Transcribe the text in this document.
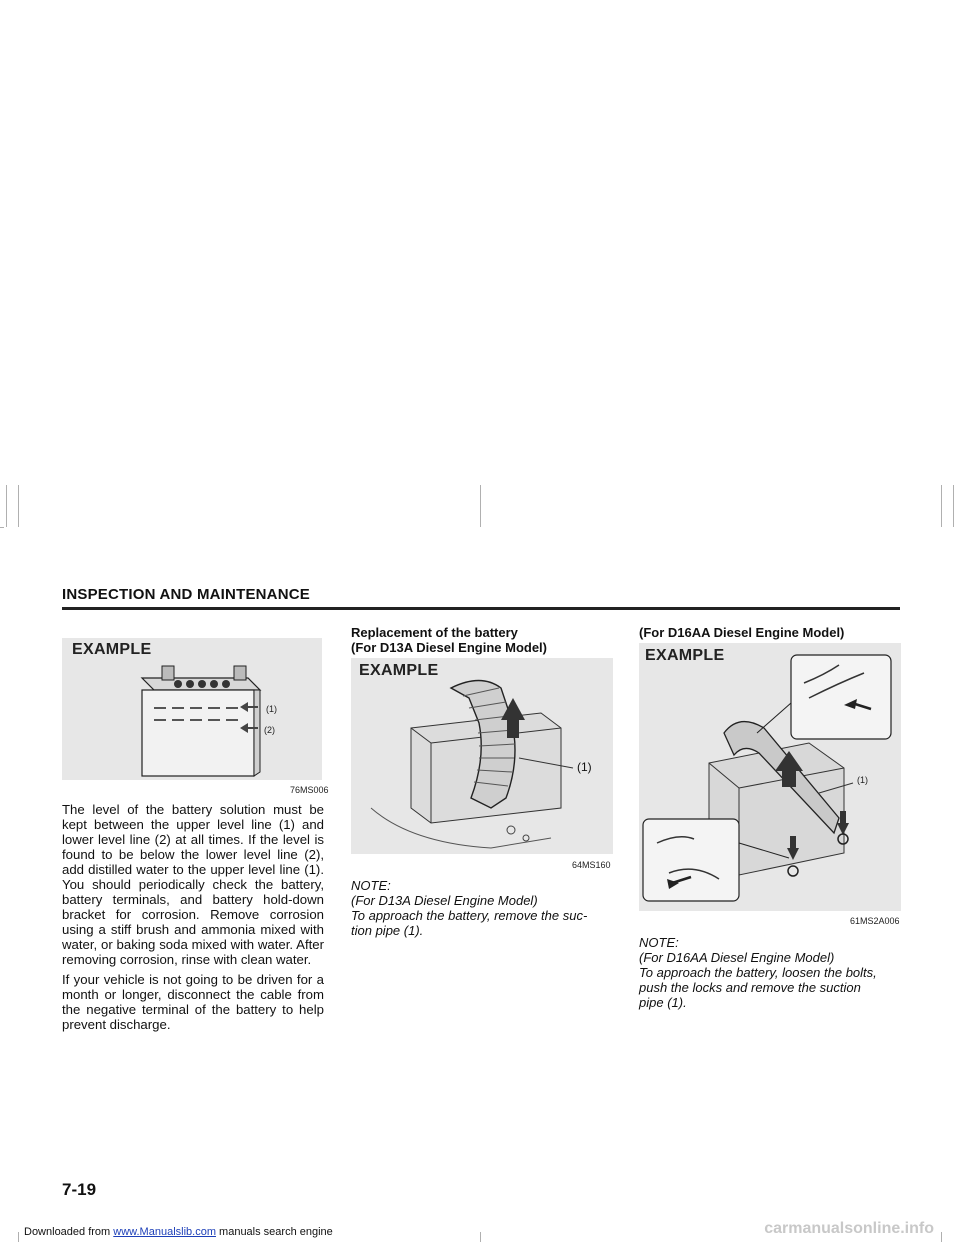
INSPECTION AND MAINTENANCE
EXAMPLE
(1)
(2)
76MS006

The level of the battery solution must be kept between the upper level line (1) and lower level line (2) at all times. If the level is found to be below the lower level line (2), add distilled water to the upper level line (1). You should periodically check the battery, battery terminals, and battery hold-down bracket for corrosion. Remove corrosion using a stiff brush and ammonia mixed with water, or baking soda mixed with water. After removing corrosion, rinse with clean water.

If your vehicle is not going to be driven for a month or longer, disconnect the cable from the negative terminal of the battery to help prevent discharge.

Replacement of the battery
(For D13A Diesel Engine Model)
EXAMPLE
(1)
64MS160
NOTE:
(For D13A Diesel Engine Model)
To approach the battery, remove the suc-
tion pipe (1).
(For D16AA Diesel Engine Model)
EXAMPLE
(1)
61MS2A006
NOTE:
(For D16AA Diesel Engine Model)
To approach the battery, loosen the bolts,
push the locks and remove the suction
pipe (1).
7-19
Downloaded from www.Manualslib.com manuals search engine	carmanualsonline.info
